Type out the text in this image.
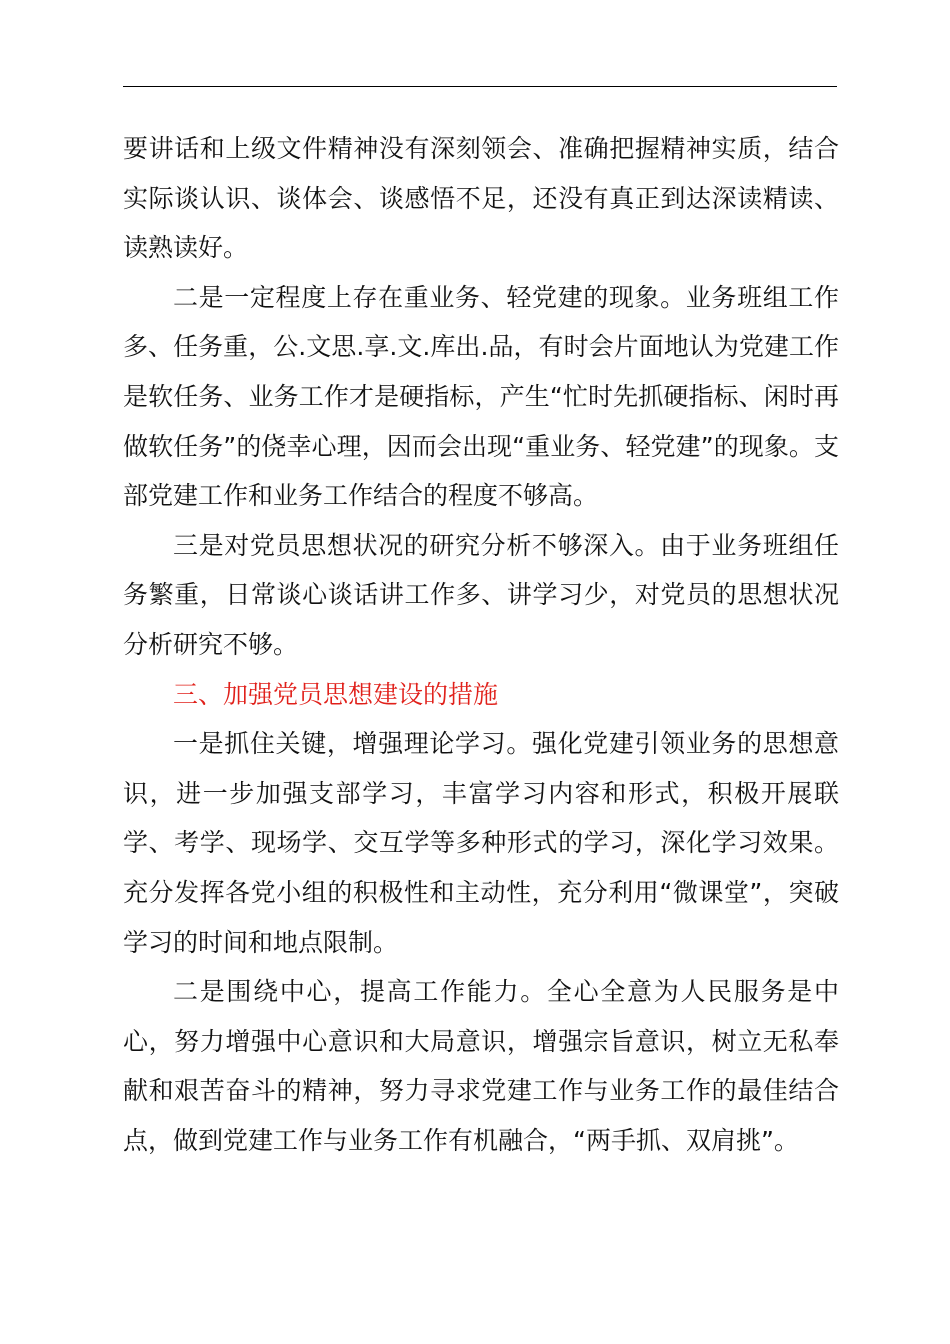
要讲话和上级文件精神没有深刻领会、准确把握精神实质，结合实际谈认识、谈体会、谈感悟不足，还没有真正到达深读精读、读熟读好。

二是一定程度上存在重业务、轻党建的现象。业务班组工作多、任务重，公.文思.享.文.库出.品，有时会片面地认为党建工作是软任务、业务工作才是硬指标，产生“忙时先抓硬指标、闲时再做软任务”的侥幸心理，因而会出现“重业务、轻党建”的现象。支部党建工作和业务工作结合的程度不够高。

三是对党员思想状况的研究分析不够深入。由于业务班组任务繁重，日常谈心谈话讲工作多、讲学习少，对党员的思想状况分析研究不够。

三、加强党员思想建设的措施

一是抓住关键，增强理论学习。强化党建引领业务的思想意识，进一步加强支部学习，丰富学习内容和形式，积极开展联学、考学、现场学、交互学等多种形式的学习，深化学习效果。充分发挥各党小组的积极性和主动性，充分利用“微课堂”，突破学习的时间和地点限制。

二是围绕中心，提高工作能力。全心全意为人民服务是中心，努力增强中心意识和大局意识，增强宗旨意识，树立无私奉献和艰苦奋斗的精神，努力寻求党建工作与业务工作的最佳结合点，做到党建工作与业务工作有机融合，“两手抓、双肩挑”。
